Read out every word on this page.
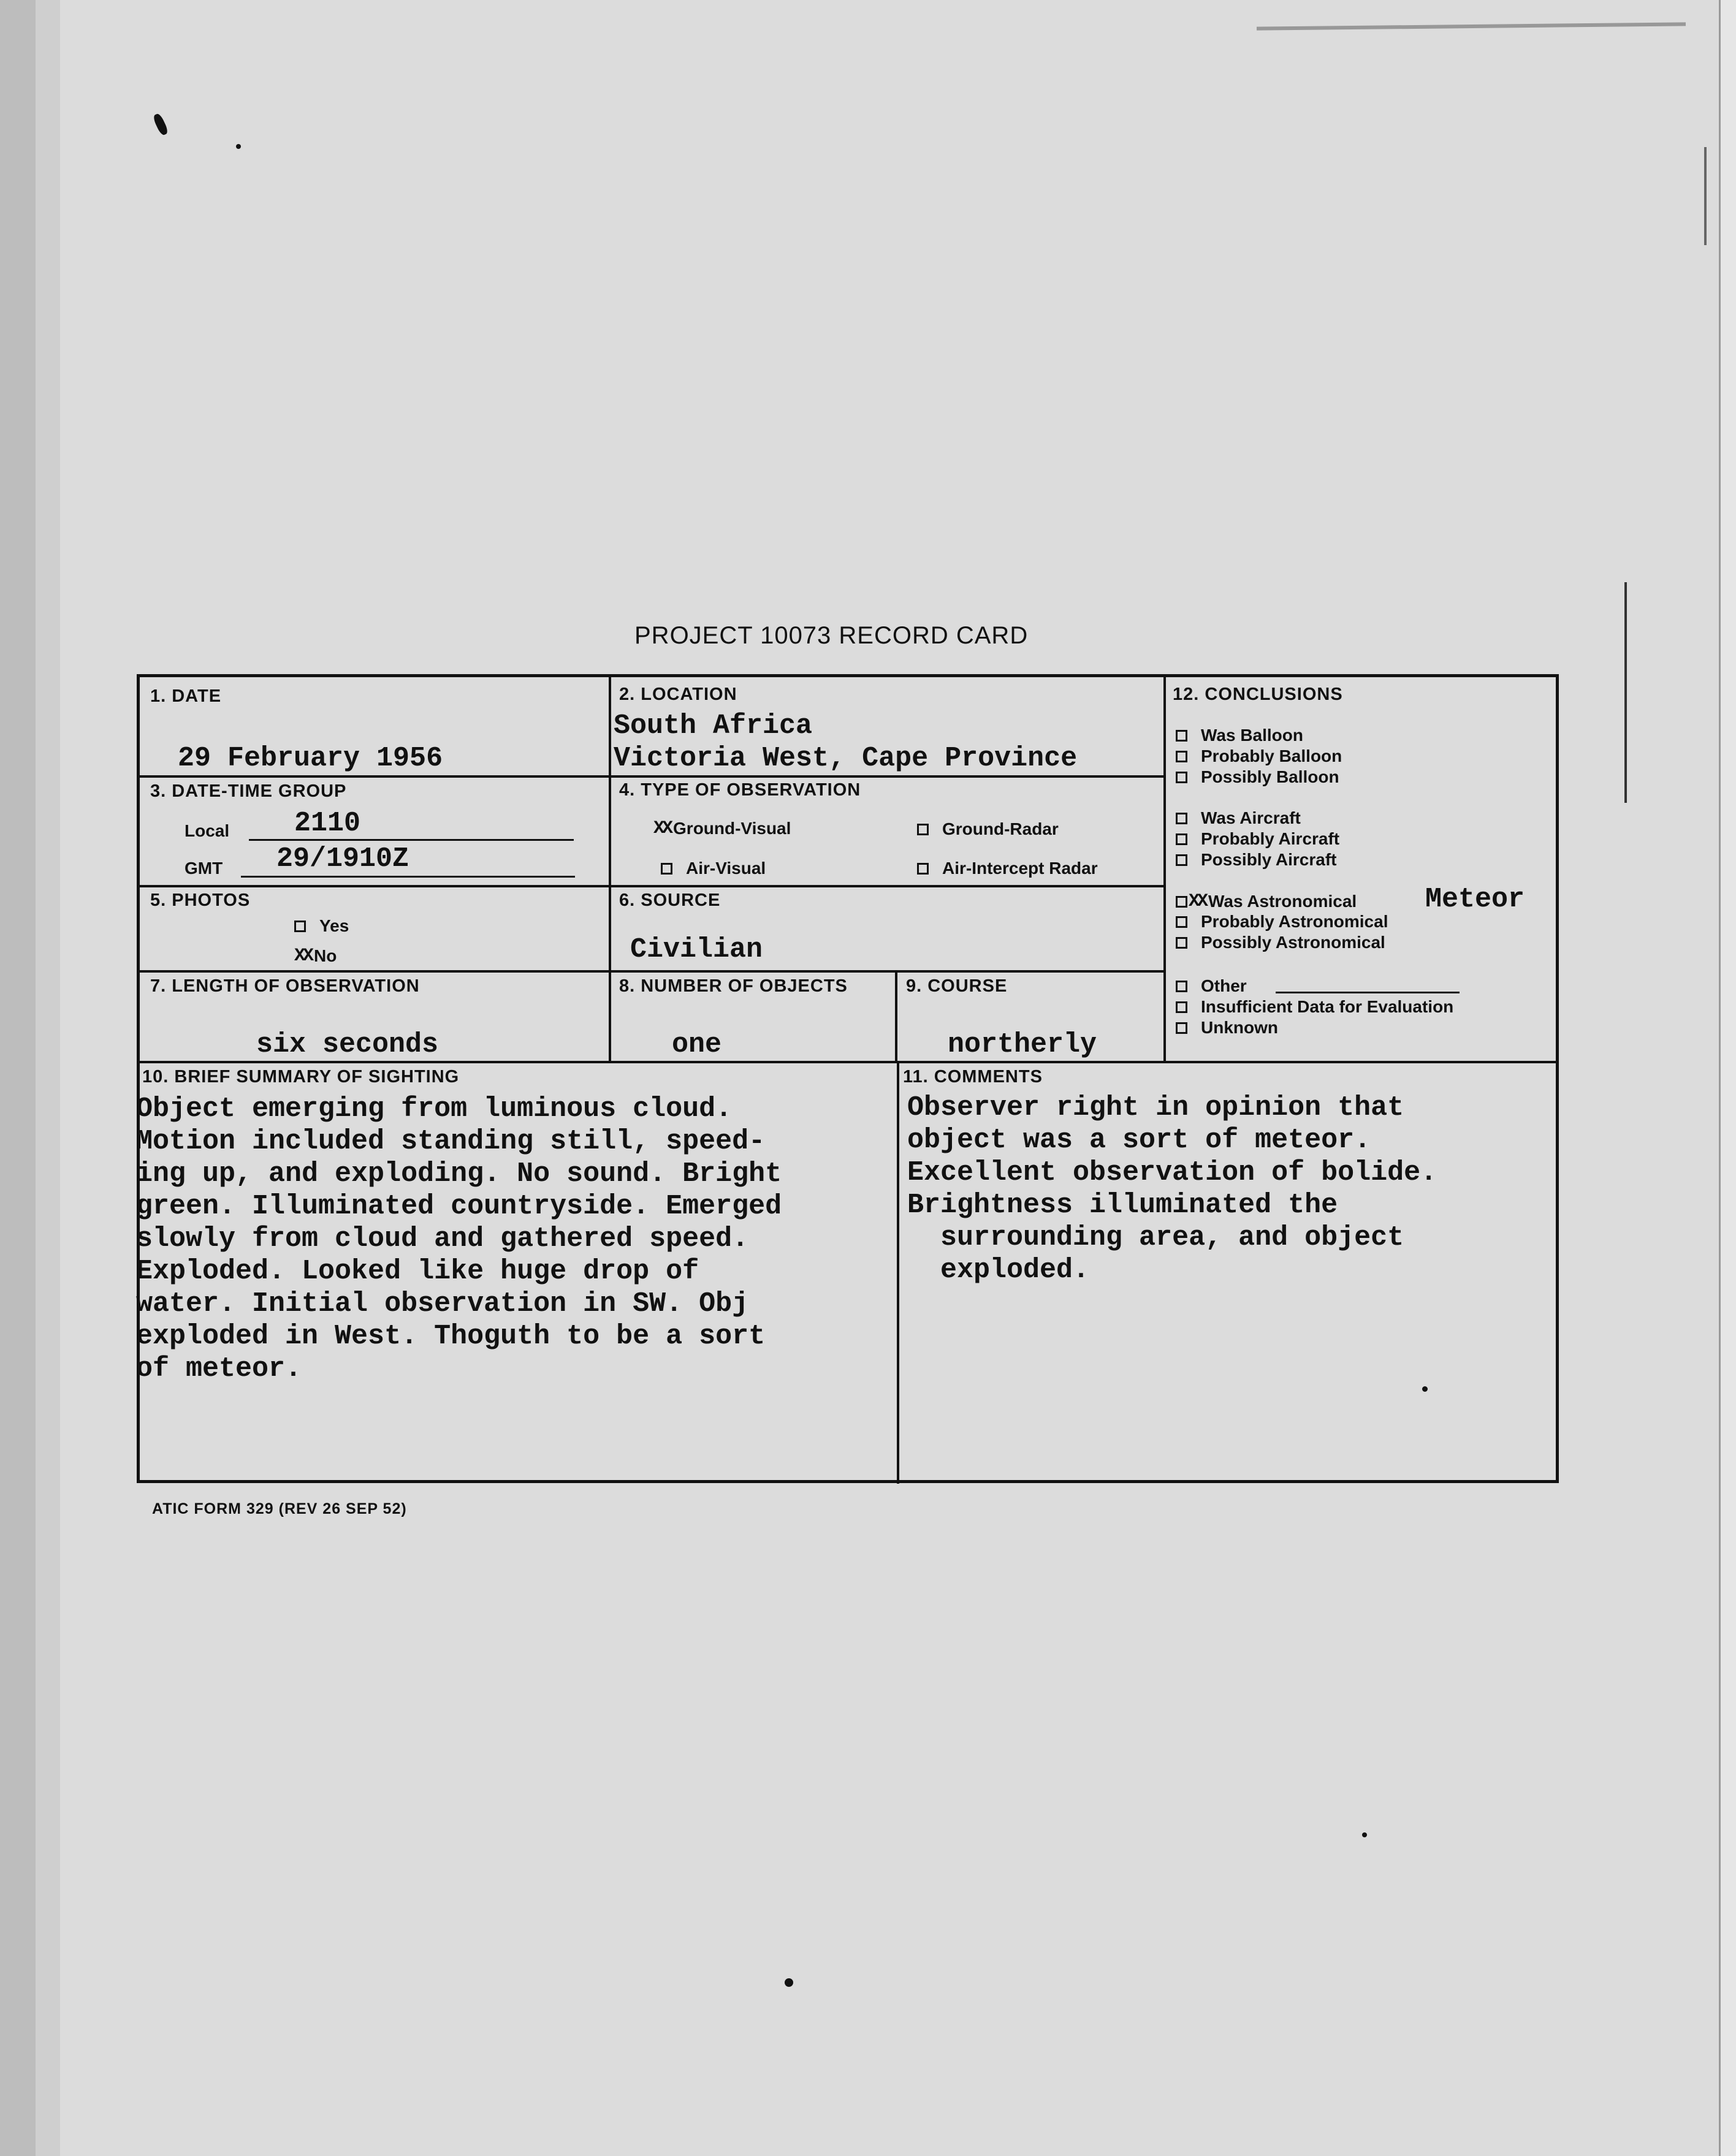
PROJECT 10073 RECORD CARD
1. DATE
29 February 1956
2. LOCATION
South Africa
Victoria West, Cape Province
3. DATE-TIME GROUP
Local 2110
GMT 29/1910Z
4. TYPE OF OBSERVATION
XX Ground-Visual	Ground-Radar
Air-Visual	Air-Intercept Radar
5. PHOTOS
Yes
XX No
6. SOURCE
Civilian
7. LENGTH OF OBSERVATION
six seconds
8. NUMBER OF OBJECTS
one
9. COURSE
northerly
12. CONCLUSIONS
Was Balloon
Probably Balloon
Possibly Balloon
Was Aircraft
Probably Aircraft
Possibly Aircraft
XX Was Astronomical Meteor
Probably Astronomical
Possibly Astronomical
Other
Insufficient Data for Evaluation
Unknown
10. BRIEF SUMMARY OF SIGHTING
Object emerging from luminous cloud.
Motion included standing still, speed-
ing up, and exploding. No sound. Bright
green. Illuminated countryside. Emerged
slowly from cloud and gathered speed.
Exploded. Looked like huge drop of
water. Initial observation in SW. Obj
exploded in West. Thoguth to be a sort
of meteor.
11. COMMENTS
Observer right in opinion that
object was a sort of meteor.
Excellent observation of bolide.
Brightness illuminated the
surrounding area, and object
exploded.
ATIC FORM 329 (REV 26 SEP 52)
